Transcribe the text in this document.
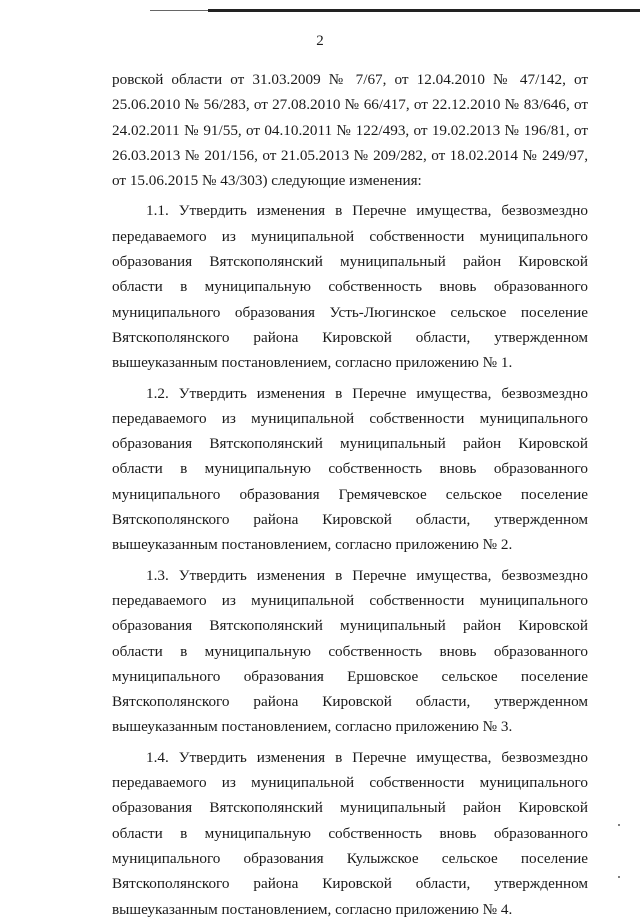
2

ровской области от 31.03.2009 № 7/67, от 12.04.2010 № 47/142, от 25.06.2010 № 56/283, от 27.08.2010 № 66/417, от 22.12.2010 № 83/646, от 24.02.2011 № 91/55, от 04.10.2011 № 122/493, от 19.02.2013 № 196/81, от 26.03.2013 № 201/156, от 21.05.2013 № 209/282, от 18.02.2014 № 249/97, от 15.06.2015 № 43/303) следующие изменения:

1.1. Утвердить изменения в Перечне имущества, безвозмездно передаваемого из муниципальной собственности муниципального образования Вятскополянский муниципальный район Кировской области в муниципальную собственность вновь образованного муниципального образования Усть-Люгинское сельское поселение Вятскополянского района Кировской области, утвержденном вышеуказанным постановлением, согласно приложению № 1.

1.2. Утвердить изменения в Перечне имущества, безвозмездно передаваемого из муниципальной собственности муниципального образования Вятскополянский муниципальный район Кировской области в муниципальную собственность вновь образованного муниципального образования Гремячевское сельское поселение Вятскополянского района Кировской области, утвержденном вышеуказанным постановлением, согласно приложению № 2.

1.3. Утвердить изменения в Перечне имущества, безвозмездно передаваемого из муниципальной собственности муниципального образования Вятскополянский муниципальный район Кировской области в муниципальную собственность вновь образованного муниципального образования Ершовское сельское поселение Вятскополянского района Кировской области, утвержденном вышеуказанным постановлением, согласно приложению № 3.

1.4. Утвердить изменения в Перечне имущества, безвозмездно передаваемого из муниципальной собственности муниципального образования Вятскополянский муниципальный район Кировской области в муниципальную собственность вновь образованного муниципального образования Кулыжское сельское поселение Вятскополянского района Кировской области, утвержденном вышеуказанным постановлением, согласно приложению № 4.
